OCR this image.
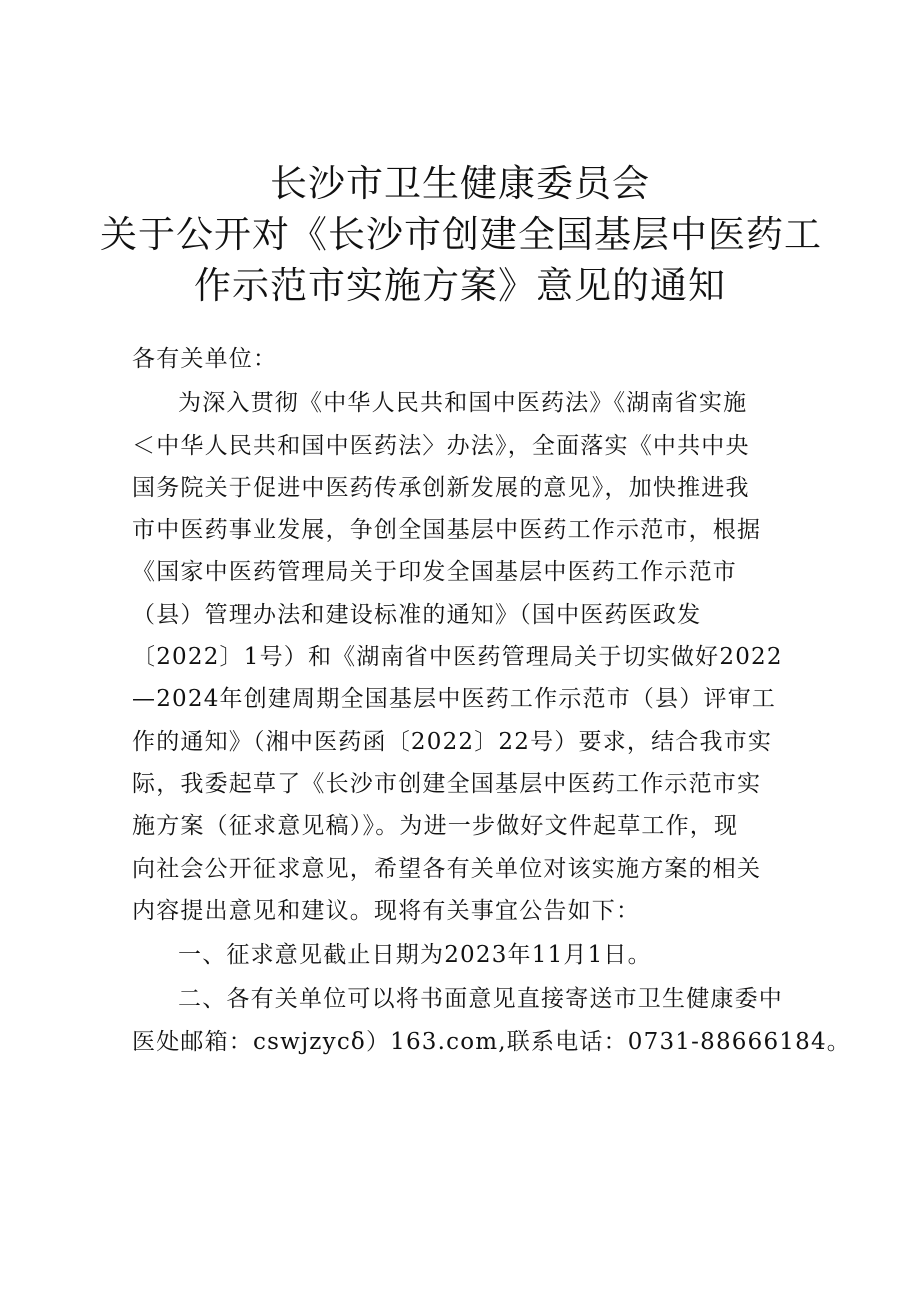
长沙市卫生健康委员会
关于公开对《长沙市创建全国基层中医药工
作示范市实施方案》意见的通知
各有关单位：
为深入贯彻《中华人民共和国中医药法》《湖南省实施
＜中华人民共和国中医药法〉办法》，全面落实《中共中央
国务院关于促进中医药传承创新发展的意见》，加快推进我
市中医药事业发展，争创全国基层中医药工作示范市，根据
《国家中医药管理局关于印发全国基层中医药工作示范市
（县）管理办法和建设标准的通知》（国中医药医政发
〔2022〕1号）和《湖南省中医药管理局关于切实做好2022
—2024年创建周期全国基层中医药工作示范市（县）评审工
作的通知》（湘中医药函〔2022〕22号）要求，结合我市实
际，我委起草了《长沙市创建全国基层中医药工作示范市实
施方案（征求意见稿）》。为进一步做好文件起草工作，现
向社会公开征求意见，希望各有关单位对该实施方案的相关
内容提出意见和建议。现将有关事宜公告如下：
一、征求意见截止日期为2023年11月1日。
二、各有关单位可以将书面意见直接寄送市卫生健康委中
医处邮箱：cswjzycδ）163.com,联系电话：0731-88666184。
